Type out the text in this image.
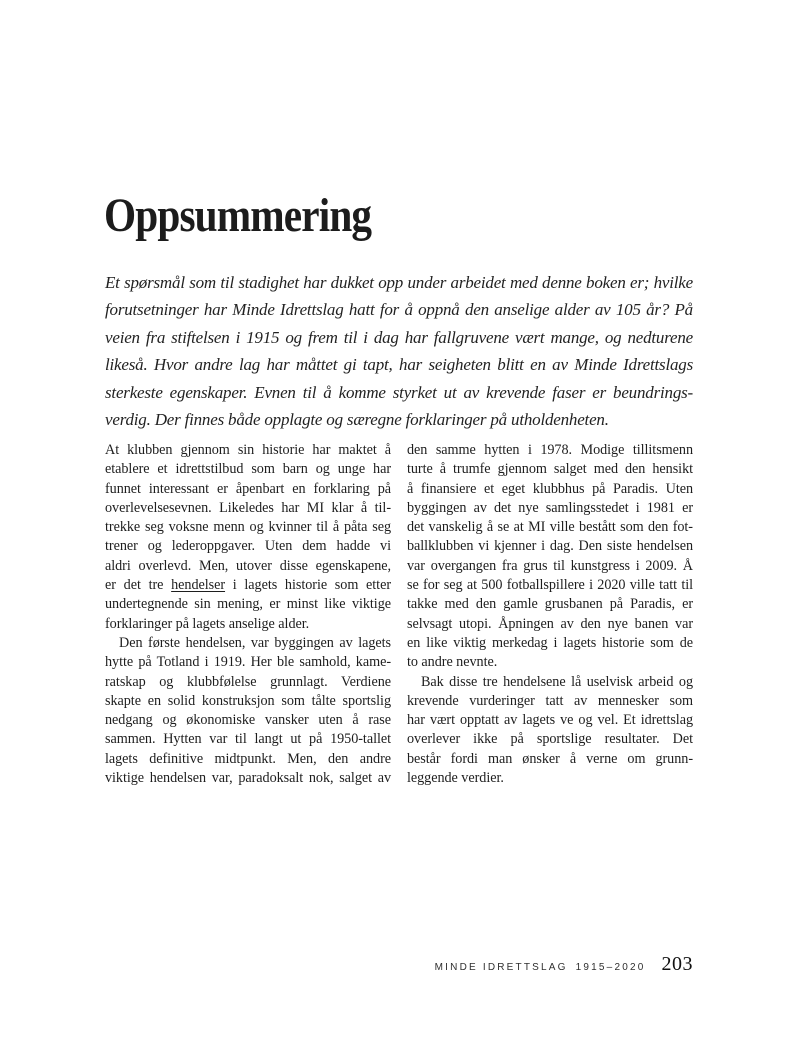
Oppsummering
Et spørsmål som til stadighet har dukket opp under arbeidet med denne boken er; hvilke
forutsetninger har Minde Idrettslag hatt for å oppnå den anselige alder av 105 år? På
veien fra stiftelsen i 1915 og frem til i dag har fallgruvene vært mange, og nedturene
likeså. Hvor andre lag har måttet gi tapt, har seigheten blitt en av Minde Idrettslags
sterkeste egenskaper. Evnen til å komme styrket ut av krevende faser er beundrings-
verdig. Der finnes både opplagte og særegne forklaringer på utholdenheten.
At klubben gjennom sin historie har maktet å
etablere et idrettstilbud som barn og unge har
funnet interessant er åpenbart en forklaring på
overlevelsesevnen. Likeledes har MI klar å til-
trekke seg voksne menn og kvinner til å påta seg
trener og lederoppgaver. Uten dem hadde vi
aldri overlevd. Men, utover disse egenskapene,
er det tre hendelser i lagets historie som etter
undertegnende sin mening, er minst like viktige
forklaringer på lagets anselige alder.
Den første hendelsen, var byggingen av lagets
hytte på Totland i 1919. Her ble samhold, kame-
ratskap og klubbfølelse grunnlagt. Verdiene
skapte en solid konstruksjon som tålte sportslig
nedgang og økonomiske vansker uten å rase
sammen. Hytten var til langt ut på 1950-tallet
lagets definitive midtpunkt. Men, den andre
viktige hendelsen var, paradoksalt nok, salget av
den samme hytten i 1978. Modige tillitsmenn
turte å trumfe gjennom salget med den hensikt
å finansiere et eget klubbhus på Paradis. Uten
byggingen av det nye samlingsstedet i 1981 er
det vanskelig å se at MI ville bestått som den fot-
ballklubben vi kjenner i dag. Den siste hendelsen
var overgangen fra grus til kunstgress i 2009. Å
se for seg at 500 fotballspillere i 2020 ville tatt til
takke med den gamle grusbanen på Paradis, er
selvsagt utopi. Åpningen av den nye banen var
en like viktig merkedag i lagets historie som de
to andre nevnte.
Bak disse tre hendelsene lå uselvisk arbeid og
krevende vurderinger tatt av mennesker som
har vært opptatt av lagets ve og vel. Et idrettslag
overlever ikke på sportslige resultater. Det
består fordi man ønsker å verne om grunn-
leggende verdier.
MINDE IDRETTSLAG 1915–2020 203
